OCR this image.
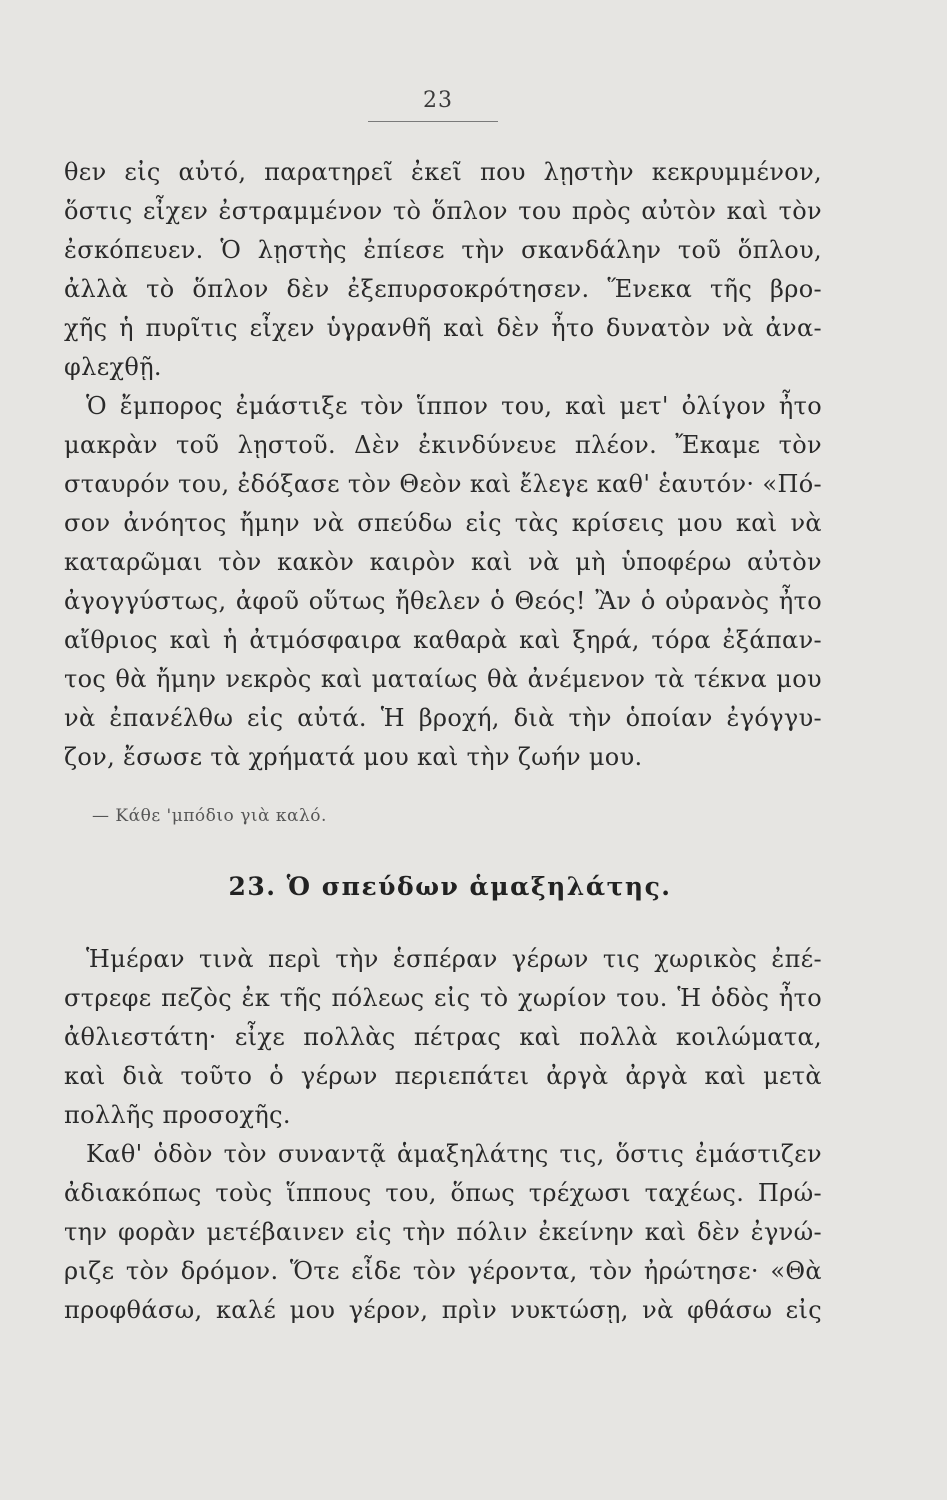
23
θεν εἰς αὐτό, παρατηρεῖ ἐκεῖ που λῃστὴν κεκρυμμένον,
ὅστις εἶχεν ἐστραμμένον τὸ ὅπλον του πρὸς αὐτὸν καὶ τὸν
ἐσκόπευεν. Ὁ λῃστὴς ἐπίεσε τὴν σκανδάλην τοῦ ὅπλου,
ἀλλὰ τὸ ὅπλον δὲν ἐξεπυρσοκρότησεν. Ἕνεκα τῆς βρο-
χῆς ἡ πυρῖτις εἶχεν ὑγρανθῆ καὶ δὲν ἦτο δυνατὸν νὰ ἀνα-
φλεχθῇ.
Ὁ ἔμπορος ἐμάστιξε τὸν ἵππον του, καὶ μετ' ὀλίγον ἦτο
μακρὰν τοῦ λῃστοῦ. Δὲν ἐκινδύνευε πλέον. Ἔκαμε τὸν
σταυρόν του, ἐδόξασε τὸν Θεὸν καὶ ἔλεγε καθ' ἑαυτόν· «Πό-
σον ἀνόητος ἤμην νὰ σπεύδω εἰς τὰς κρίσεις μου καὶ νὰ
καταρῶμαι τὸν κακὸν καιρὸν καὶ νὰ μὴ ὑποφέρω αὐτὸν
ἀγογγύστως, ἀφοῦ οὕτως ἤθελεν ὁ Θεός! Ἂν ὁ οὐρανὸς ἦτο
αἴθριος καὶ ἡ ἀτμόσφαιρα καθαρὰ καὶ ξηρά, τόρα ἐξάπαν-
τος θὰ ἤμην νεκρὸς καὶ ματαίως θὰ ἀνέμενον τὰ τέκνα μου
νὰ ἐπανέλθω εἰς αὐτά. Ἡ βροχή, διὰ τὴν ὁποίαν ἐγόγγυ-
ζον, ἔσωσε τὰ χρήματά μου καὶ τὴν ζωήν μου.
— Κάθε 'μπόδιο γιὰ καλό.
23. Ὁ σπεύδων ἁμαξηλάτης.
Ἡμέραν τινὰ περὶ τὴν ἑσπέραν γέρων τις χωρικὸς ἐπέ-
στρεφε πεζὸς ἐκ τῆς πόλεως εἰς τὸ χωρίον του. Ἡ ὁδὸς ἦτο
ἀθλιεστάτη· εἶχε πολλὰς πέτρας καὶ πολλὰ κοιλώματα,
καὶ διὰ τοῦτο ὁ γέρων περιεπάτει ἀργὰ ἀργὰ καὶ μετὰ
πολλῆς προσοχῆς.
Καθ' ὁδὸν τὸν συναντᾷ ἁμαξηλάτης τις, ὅστις ἐμάστιζεν
ἀδιακόπως τοὺς ἵππους του, ὅπως τρέχωσι ταχέως. Πρώ-
την φορὰν μετέβαινεν εἰς τὴν πόλιν ἐκείνην καὶ δὲν ἐγνώ-
ριζε τὸν δρόμον. Ὅτε εἶδε τὸν γέροντα, τὸν ἠρώτησε· «Θὰ
προφθάσω, καλέ μου γέρον, πρὶν νυκτώσῃ, νὰ φθάσω εἰς
